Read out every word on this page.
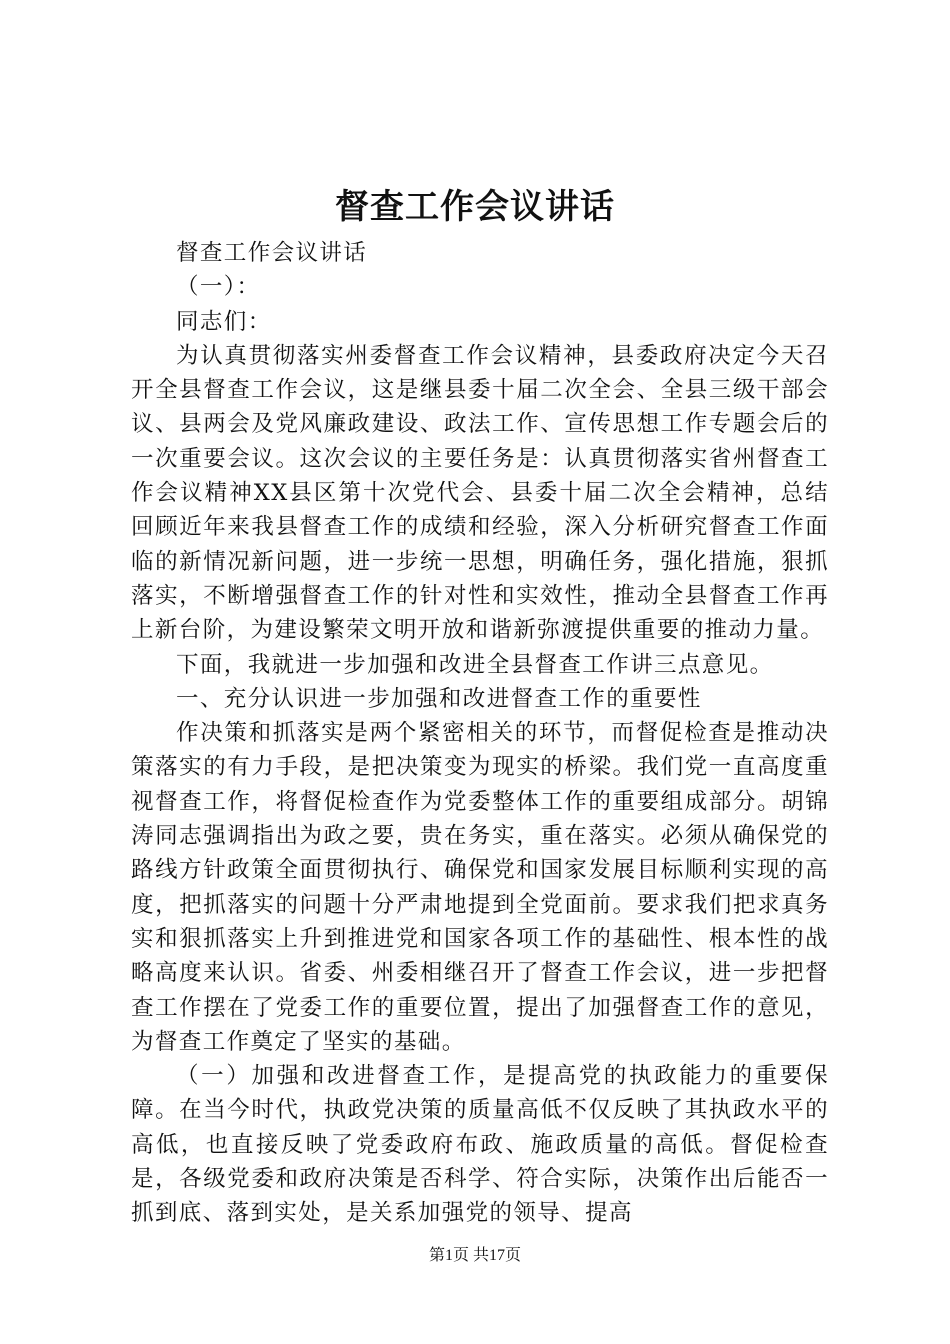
督查工作会议讲话

督查工作会议讲话

（一）：

同志们：

为认真贯彻落实州委督查工作会议精神，县委政府决定今天召开全县督查工作会议，这是继县委十届二次全会、全县三级干部会议、县两会及党风廉政建设、政法工作、宣传思想工作专题会后的一次重要会议。这次会议的主要任务是：认真贯彻落实省州督查工作会议精神XX县区第十次党代会、县委十届二次全会精神，总结回顾近年来我县督查工作的成绩和经验，深入分析研究督查工作面临的新情况新问题，进一步统一思想，明确任务，强化措施，狠抓落实，不断增强督查工作的针对性和实效性，推动全县督查工作再上新台阶，为建设繁荣文明开放和谐新弥渡提供重要的推动力量。

下面，我就进一步加强和改进全县督查工作讲三点意见。

一、充分认识进一步加强和改进督查工作的重要性

作决策和抓落实是两个紧密相关的环节，而督促检查是推动决策落实的有力手段，是把决策变为现实的桥梁。我们党一直高度重视督查工作，将督促检查作为党委整体工作的重要组成部分。胡锦涛同志强调指出为政之要，贵在务实，重在落实。必须从确保党的路线方针政策全面贯彻执行、确保党和国家发展目标顺利实现的高度，把抓落实的问题十分严肃地提到全党面前。要求我们把求真务实和狠抓落实上升到推进党和国家各项工作的基础性、根本性的战略高度来认识。省委、州委相继召开了督查工作会议，进一步把督查工作摆在了党委工作的重要位置，提出了加强督查工作的意见，为督查工作奠定了坚实的基础。

（一）加强和改进督查工作，是提高党的执政能力的重要保障。在当今时代，执政党决策的质量高低不仅反映了其执政水平的高低，也直接反映了党委政府布政、施政质量的高低。督促检查是，各级党委和政府决策是否科学、符合实际，决策作出后能否一抓到底、落到实处，是关系加强党的领导、提高

第1页 共17页
